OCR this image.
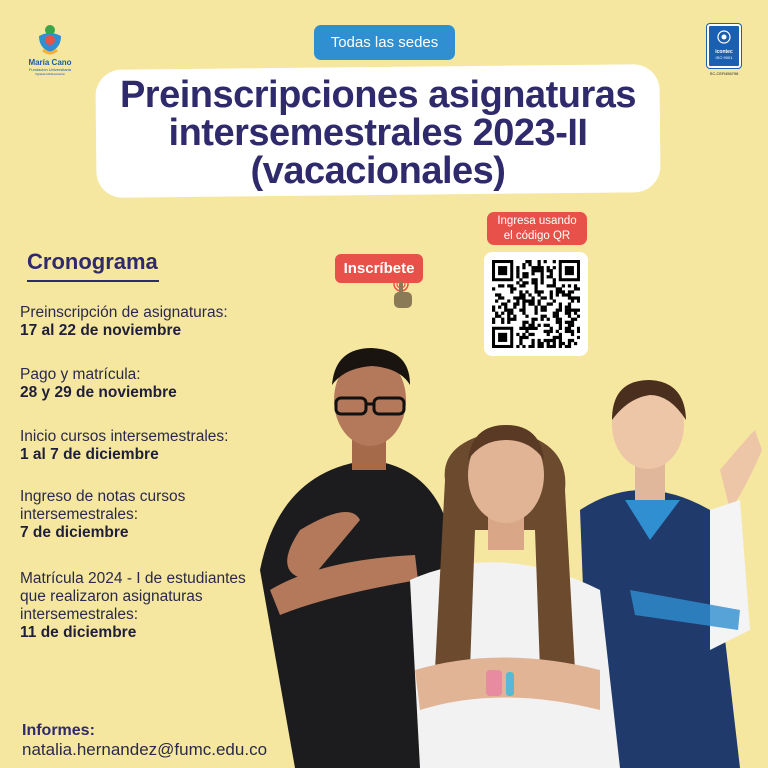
María Cano
Fundación Universitaria
Vigilada MinEducación
icontec
ISO 9001
SC-CER456798
Todas las sedes
Preinscripciones asignaturas
intersemestrales 2023-II
(vacacionales)
Ingresa usando
el código QR
Inscríbete
Cronograma
Preinscripción de asignaturas:
17 al 22 de noviembre
Pago y matrícula:
28 y 29 de noviembre
Inicio cursos intersemestrales:
1 al 7 de diciembre
Ingreso de notas cursos intersemestrales:
7 de diciembre
Matrícula 2024 - I de estudiantes que realizaron asignaturas intersemestrales:
11 de diciembre
Informes:
natalia.hernandez@fumc.edu.co
